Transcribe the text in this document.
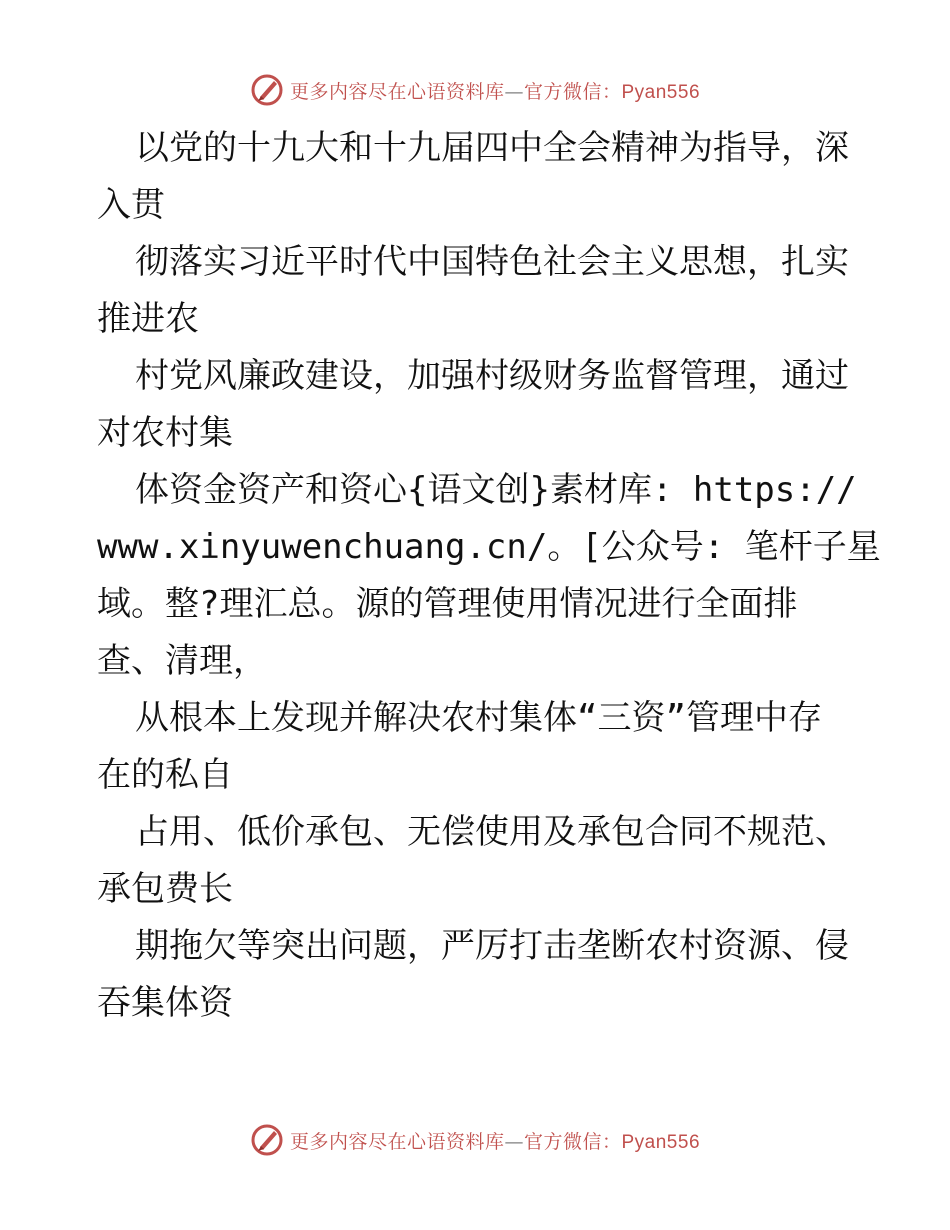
更多内容尽在心语资料库—官方微信：Pyan556
以党的十九大和十九届四中全会精神为指导，深
入贯
彻落实习近平时代中国特色社会主义思想，扎实
推进农
村党风廉政建设，加强村级财务监督管理，通过
对农村集
体资金资产和资心{语文创}素材库: https://
www.xinyuwenchuang.cn/。[公众号: 笔杆子星
域。整?理汇总。源的管理使用情况进行全面排
查、清理，
从根本上发现并解决农村集体“三资”管理中存
在的私自
占用、低价承包、无偿使用及承包合同不规范、
承包费长
期拖欠等突出问题，严厉打击垄断农村资源、侵
吞集体资
更多内容尽在心语资料库—官方微信：Pyan556
